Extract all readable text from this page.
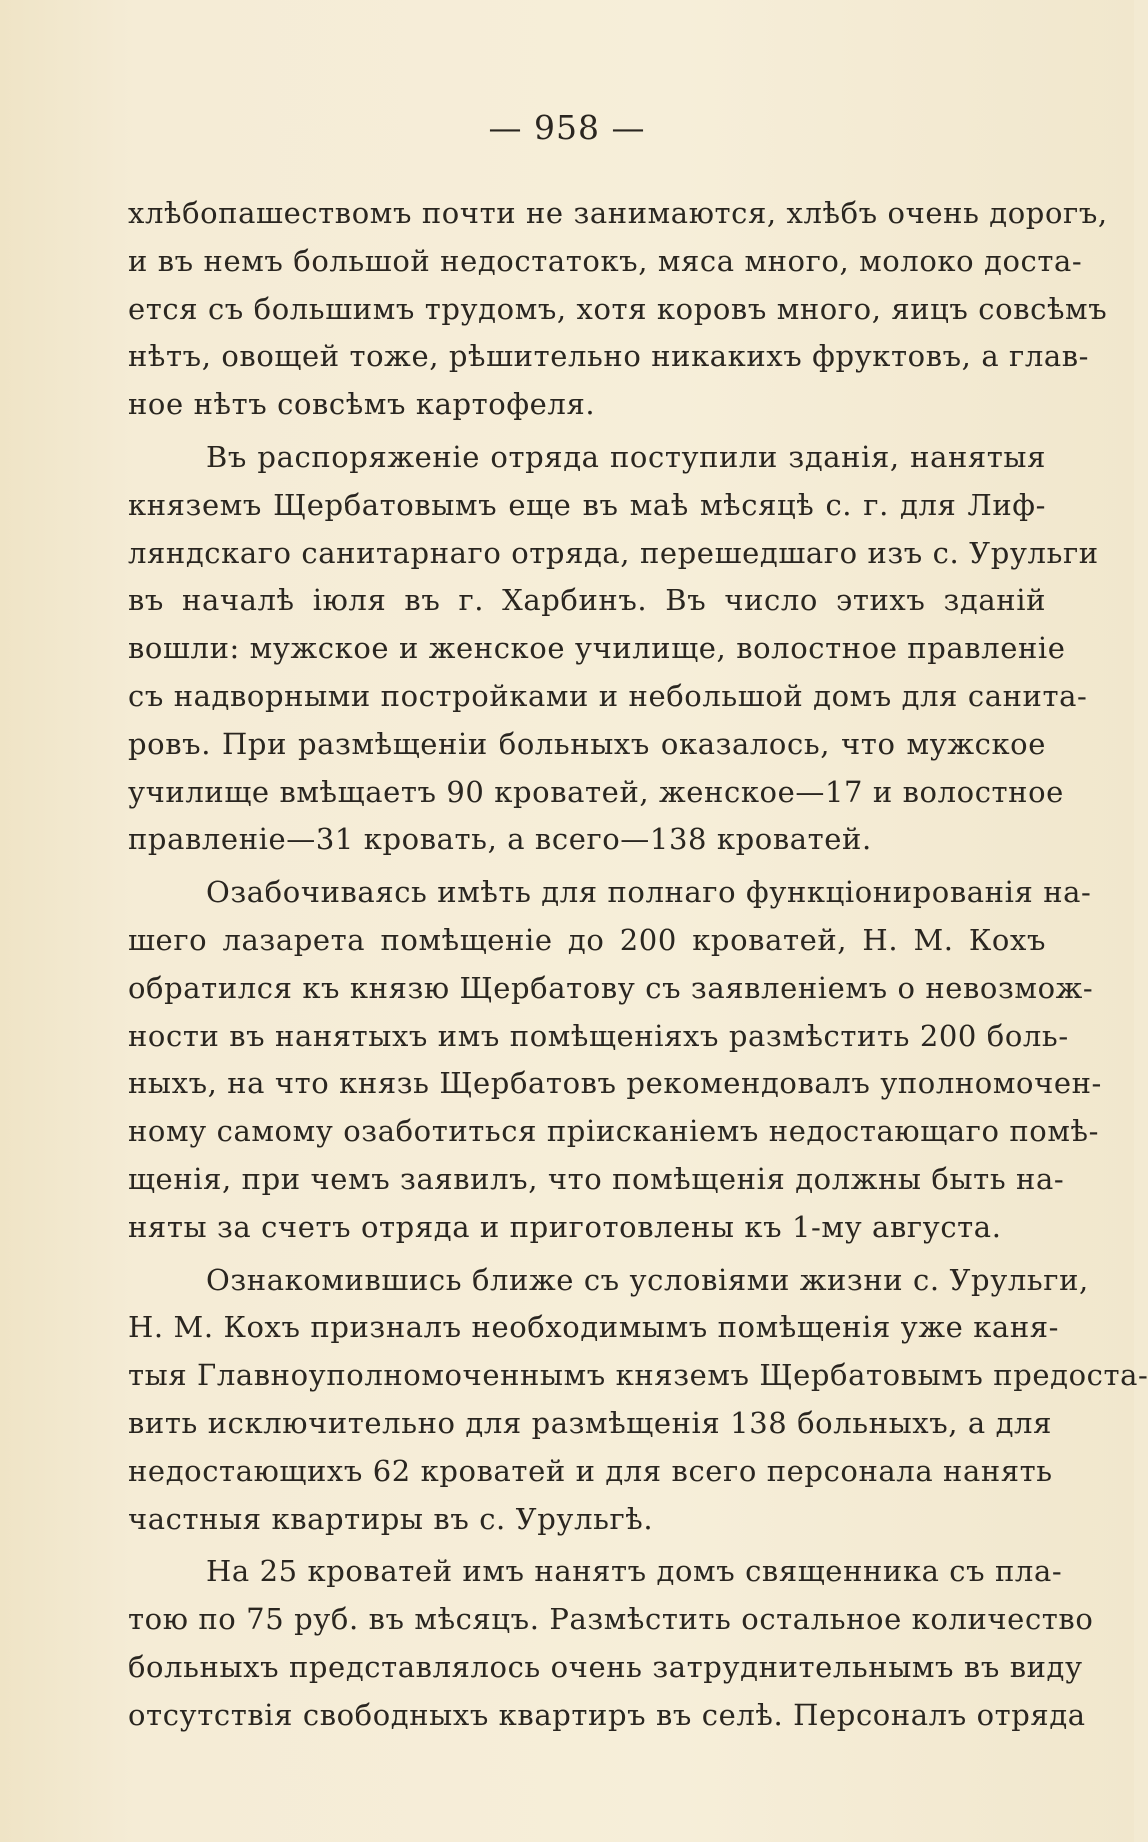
— 958 —
хлѣбопашествомъ почти не занимаются, хлѣбъ очень дорогъ,
и въ немъ большой недостатокъ, мяса много, молоко доста-
ется съ большимъ трудомъ, хотя коровъ много, яицъ совсѣмъ
нѣтъ, овощей тоже, рѣшительно никакихъ фруктовъ, а глав-
ное нѣтъ совсѣмъ картофеля.
Въ распоряженіе отряда поступили зданія, нанятыя
княземъ Щербатовымъ еще въ маѣ мѣсяцѣ с. г. для Лиф-
ляндскаго санитарнаго отряда, перешедшаго изъ с. Урульги
въ началѣ іюля въ г. Харбинъ. Въ число этихъ зданій
вошли: мужское и женское училище, волостное правленіе
съ надворными постройками и небольшой домъ для санита-
ровъ. При размѣщеніи больныхъ оказалось, что мужское
училище вмѣщаетъ 90 кроватей, женское—17 и волостное
правленіе—31 кровать, а всего—138 кроватей.
Озабочиваясь имѣть для полнаго функціонированія на-
шего лазарета помѣщеніе до 200 кроватей, Н. М. Кохъ
обратился къ князю Щербатову съ заявленіемъ о невозмож-
ности въ нанятыхъ имъ помѣщеніяхъ размѣстить 200 боль-
ныхъ, на что князь Щербатовъ рекомендовалъ уполномочен-
ному самому озаботиться пріисканіемъ недостающаго помѣ-
щенія, при чемъ заявилъ, что помѣщенія должны быть на-
няты за счетъ отряда и приготовлены къ 1-му августа.
Ознакомившись ближе съ условіями жизни с. Урульги,
Н. М. Кохъ призналъ необходимымъ помѣщенія уже каня-
тыя Главноуполномоченнымъ княземъ Щербатовымъ предоста-
вить исключительно для размѣщенія 138 больныхъ, а для
недостающихъ 62 кроватей и для всего персонала нанять
частныя квартиры въ с. Урульгѣ.
На 25 кроватей имъ нанятъ домъ священника съ пла-
тою по 75 руб. въ мѣсяцъ. Размѣстить остальное количество
больныхъ представлялось очень затруднительнымъ въ виду
отсутствія свободныхъ квартиръ въ селѣ. Персоналъ отряда
